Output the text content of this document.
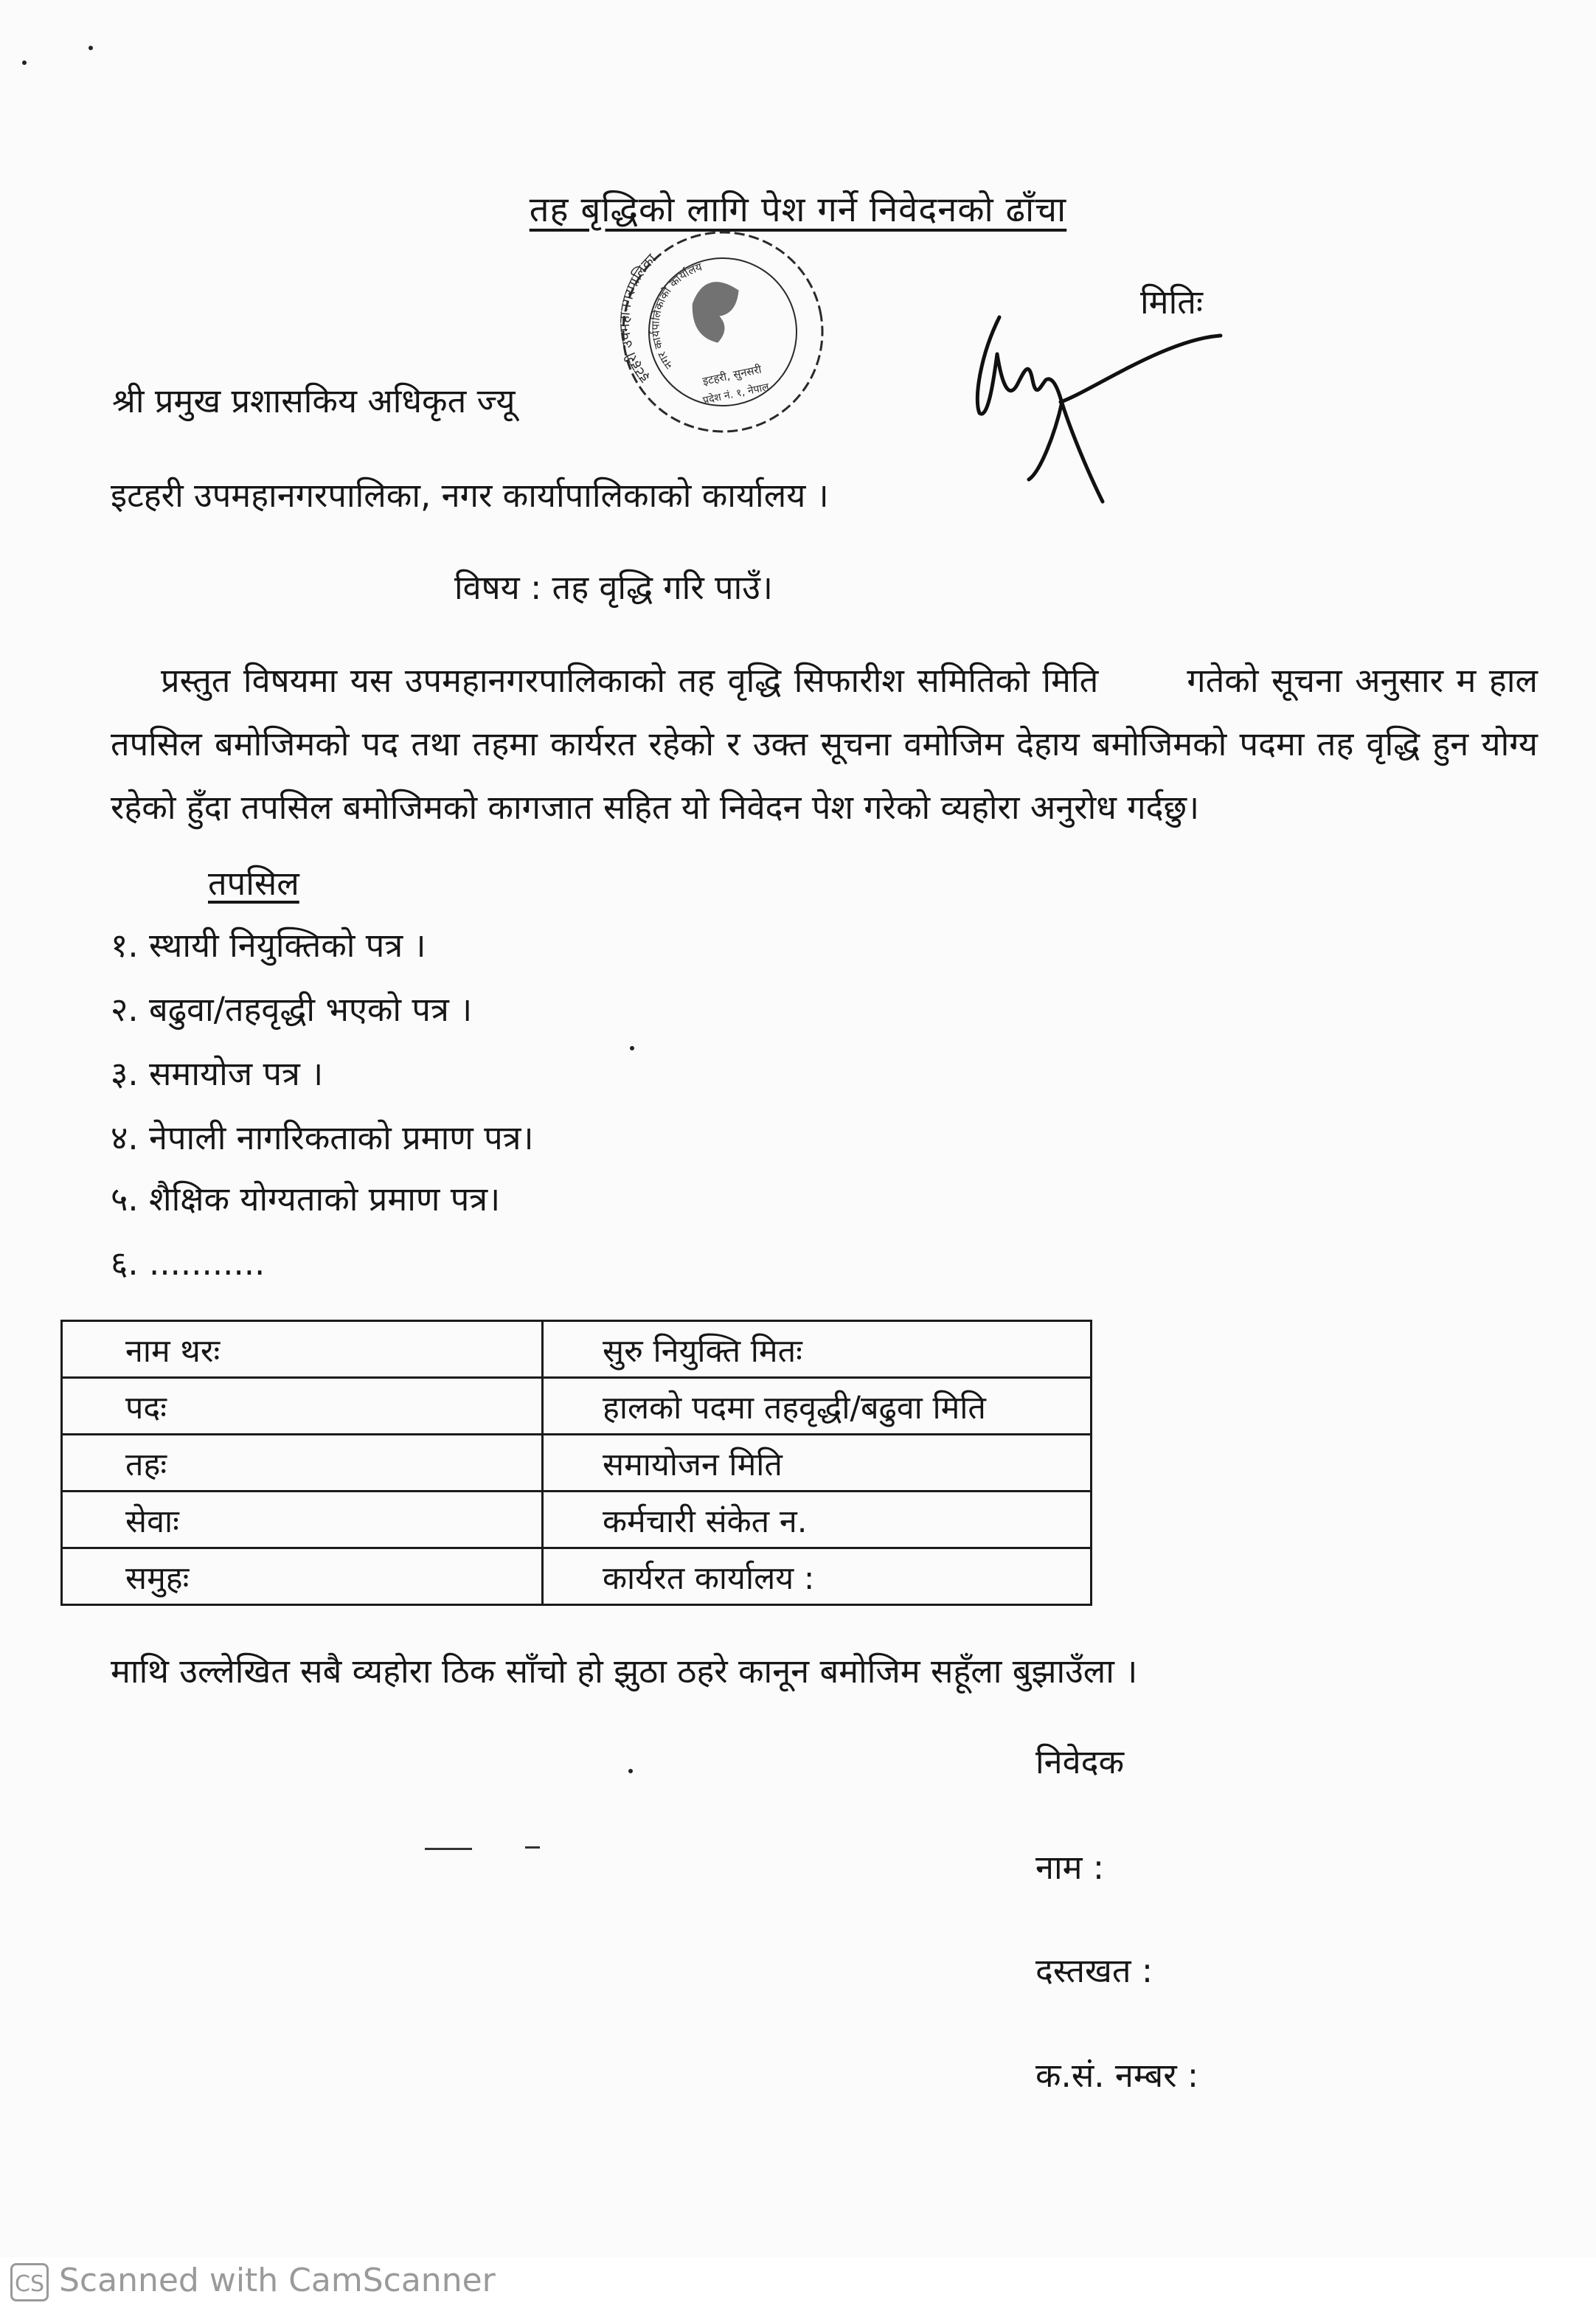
तह बृद्धिको लागि पेश गर्ने निवेदनको ढाँचा
इटहरी उपमहानगरपालिका
नगर कार्यपालिकाको कार्यालय
इटहरी, सुनसरी
प्रदेश नं. १, नेपाल
मितिः
श्री प्रमुख प्रशासकिय अधिकृत ज्यू
इटहरी उपमहानगरपालिका, नगर कार्यापालिकाको कार्यालय ।
विषय : तह वृद्धि गरि पाउँ।
प्रस्तुत विषयमा यस उपमहानगरपालिकाको तह वृद्धि सिफारीश समितिको मिति	गतेको सूचना अनुसार म हाल तपसिल बमोजिमको पद तथा तहमा कार्यरत रहेको र उक्त सूचना वमोजिम देहाय बमोजिमको पदमा तह वृद्धि हुन योग्य रहेको हुँदा तपसिल बमोजिमको कागजात सहित यो निवेदन पेश गरेको व्यहोरा अनुरोध गर्दछु।
तपसिल
१. स्थायी नियुक्तिको पत्र ।
२. बढुवा/तहवृद्धी भएको पत्र ।
३. समायोज पत्र ।
४. नेपाली नागरिकताको प्रमाण पत्र।
५. शैक्षिक योग्यताको प्रमाण पत्र।
६. ...........
नाम थरः	सुरु नियुक्ति मितः
पदः	हालको पदमा तहवृद्धी/बढुवा मिति
तहः	समायोजन मिति
सेवाः	कर्मचारी संकेत न.
समुहः	कार्यरत कार्यालय :
माथि उल्लेखित सबै व्यहोरा ठिक साँचो हो झुठा ठहरे कानून बमोजिम सहूँला बुझाउँला ।
निवेदक
नाम :
दस्तखत :
क.सं. नम्बर :
CS Scanned with CamScanner
